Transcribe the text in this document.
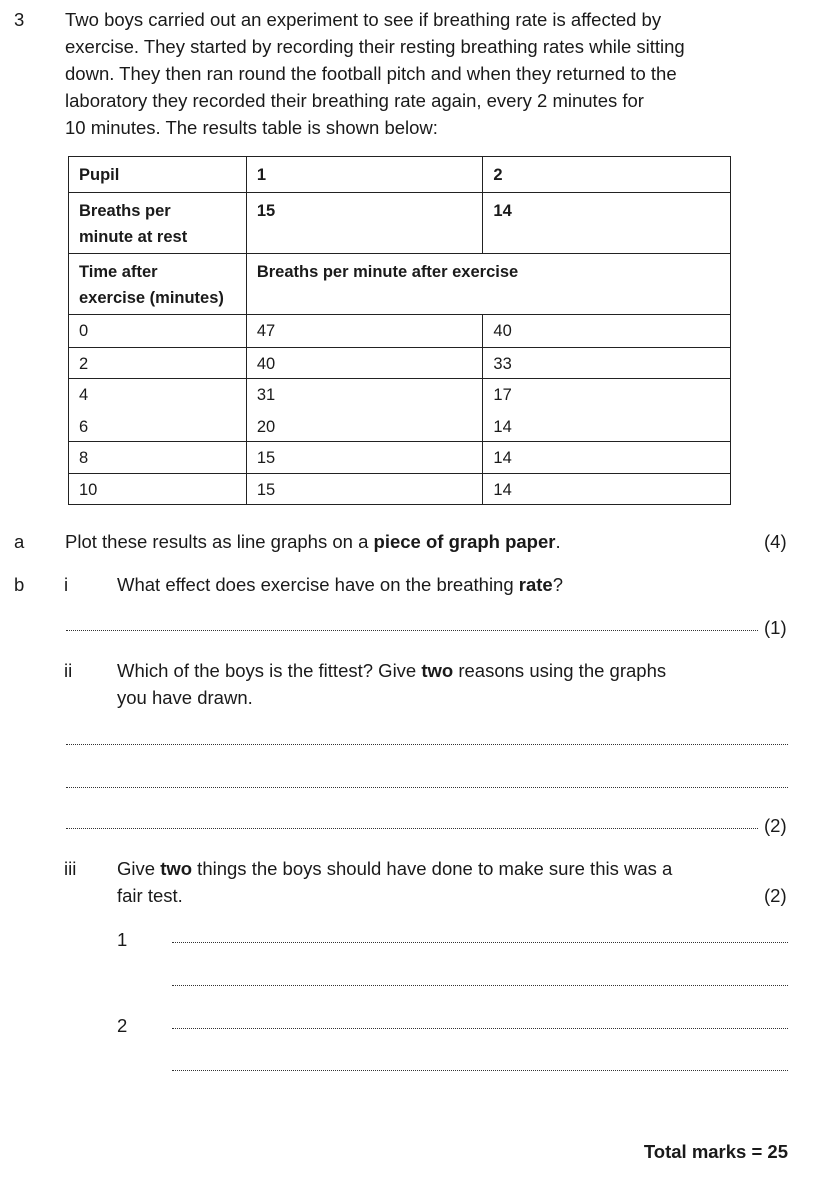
3 Two boys carried out an experiment to see if breathing rate is affected by
exercise. They started by recording their resting breathing rates while sitting
down. They then ran round the football pitch and when they returned to the
laboratory they recorded their breathing rate again, every 2 minutes for
10 minutes. The results table is shown below:
Pupil	1	2

Breaths per
minute at rest	15	14

Time after
exercise (minutes)	Breaths per minute after exercise	
0	47	40
2	40	33
4	31	17
6	20	14
8	15	14
10	15	14
a Plot these results as line graphs on a piece of graph paper.	(4)
b i	What effect does exercise have on the breathing rate?
(1)
ii Which of the boys is the fittest? Give two reasons using the graphs
you have drawn.
(2)
iii Give two things the boys should have done to make sure this was a
fair test.	(2)
1
2
Total marks = 25
